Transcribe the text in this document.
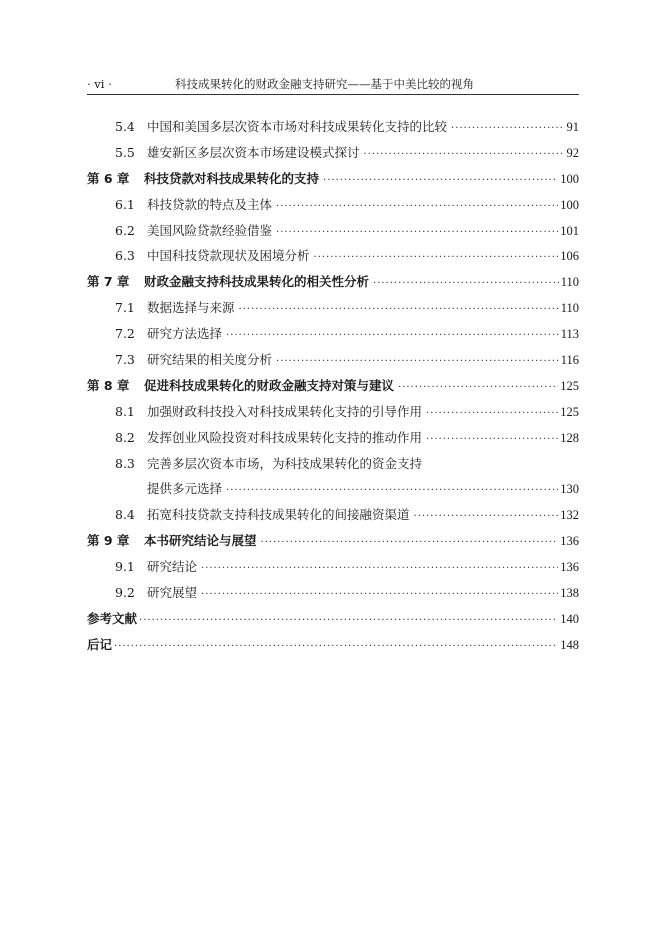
· vi ·	科技成果转化的财政金融支持研究——基于中美比较的视角
5.4 中国和美国多层次资本市场对科技成果转化支持的比较 ·····	91
5.5 雄安新区多层次资本市场建设模式探讨 ·····	92
第 6 章	科技贷款对科技成果转化的支持 ·····	100
6.1 科技贷款的特点及主体 ·····	100
6.2 美国风险贷款经验借鉴 ·····	101
6.3 中国科技贷款现状及困境分析 ·····	106
第 7 章	财政金融支持科技成果转化的相关性分析 ·····	110
7.1 数据选择与来源 ·····	110
7.2 研究方法选择 ·····	113
7.3 研究结果的相关度分析 ·····	116
第 8 章	促进科技成果转化的财政金融支持对策与建议 ·····	125
8.1 加强财政科技投入对科技成果转化支持的引导作用 ·····	125
8.2 发挥创业风险投资对科技成果转化支持的推动作用 ·····	128
8.3 完善多层次资本市场，为科技成果转化的资金支持
提供多元选择 ·····	130
8.4 拓宽科技贷款支持科技成果转化的间接融资渠道 ·····	132
第 9 章	本书研究结论与展望 ·····	136
9.1 研究结论 ·····	136
9.2 研究展望 ·····	138
参考文献 ·····	140
后记 ·····	148
